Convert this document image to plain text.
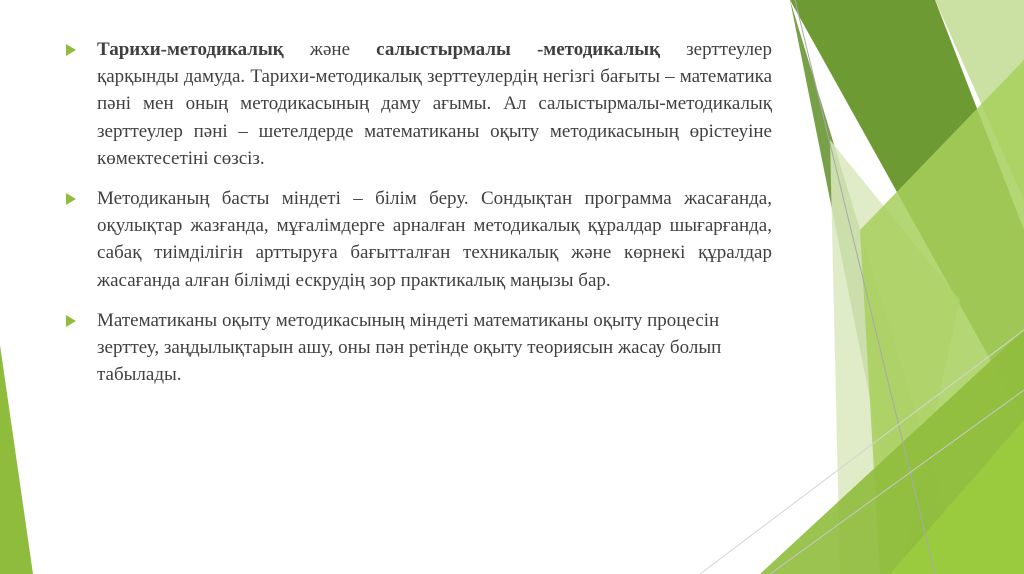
Тарихи-методикалық және салыстырмалы -методикалық зерттеулер қарқынды дамуда. Тарихи-методикалық зерттеулердің негізгі бағыты – математика пәні мен оның методикасының даму ағымы. Ал салыстырмалы-методикалық зерттеулер пәні – шетелдерде математиканы оқыту методикасының өрістеуіне көмектесетіні сөзсіз.
Методиканың басты міндеті – білім беру. Сондықтан программа жасағанда, оқулықтар жазғанда, мұғалімдерге арналған методикалық құралдар шығарғанда, сабақ тиімділігін арттыруға бағытталған техникалық және көрнекі құралдар жасағанда алған білімді ескрудің зор практикалық маңызы бар.
Математиканы оқыту методикасының міндеті математиканы оқыту процесін зерттеу, заңдылықтарын ашу, оны пән ретінде оқыту теориясын жасау болып табылады.
